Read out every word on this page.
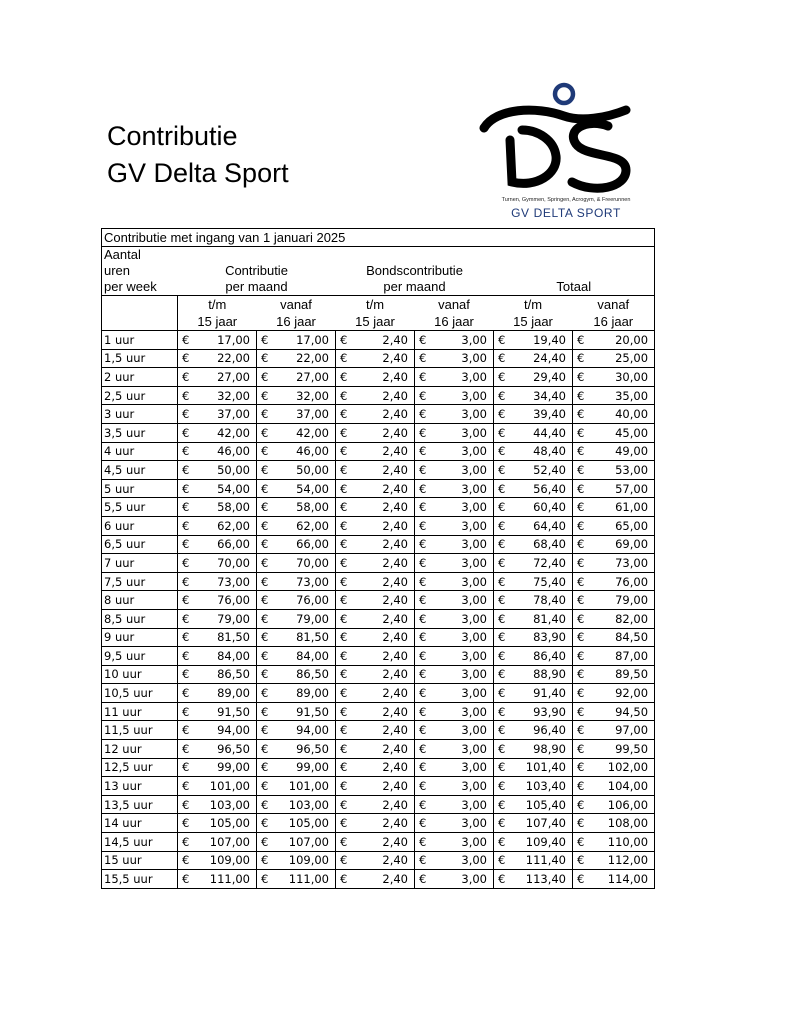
Contributie
GV Delta Sport
Turnen, Gymmen, Springen, Acrogym, & Freerunnen
GV DELTA SPORT
Contributie met ingang van 1 januari 2025												
Aantal												
uren	Contributie				Bondscontributie							
per week	per maand				per maand				Totaal			
	t/m		vanaf		t/m		vanaf		t/m		vanaf	
	15 jaar		16 jaar		15 jaar		16 jaar		15 jaar		16 jaar	
1 uur	€	17,00	€	17,00	€	2,40	€	3,00	€	19,40	€	20,00
1,5 uur	€	22,00	€	22,00	€	2,40	€	3,00	€	24,40	€	25,00
2 uur	€	27,00	€	27,00	€	2,40	€	3,00	€	29,40	€	30,00
2,5 uur	€	32,00	€	32,00	€	2,40	€	3,00	€	34,40	€	35,00
3 uur	€	37,00	€	37,00	€	2,40	€	3,00	€	39,40	€	40,00
3,5 uur	€	42,00	€	42,00	€	2,40	€	3,00	€	44,40	€	45,00
4 uur	€	46,00	€	46,00	€	2,40	€	3,00	€	48,40	€	49,00
4,5 uur	€	50,00	€	50,00	€	2,40	€	3,00	€	52,40	€	53,00
5 uur	€	54,00	€	54,00	€	2,40	€	3,00	€	56,40	€	57,00
5,5 uur	€	58,00	€	58,00	€	2,40	€	3,00	€	60,40	€	61,00
6 uur	€	62,00	€	62,00	€	2,40	€	3,00	€	64,40	€	65,00
6,5 uur	€	66,00	€	66,00	€	2,40	€	3,00	€	68,40	€	69,00
7 uur	€	70,00	€	70,00	€	2,40	€	3,00	€	72,40	€	73,00
7,5 uur	€	73,00	€	73,00	€	2,40	€	3,00	€	75,40	€	76,00
8 uur	€	76,00	€	76,00	€	2,40	€	3,00	€	78,40	€	79,00
8,5 uur	€	79,00	€	79,00	€	2,40	€	3,00	€	81,40	€	82,00
9 uur	€	81,50	€	81,50	€	2,40	€	3,00	€	83,90	€	84,50
9,5 uur	€	84,00	€	84,00	€	2,40	€	3,00	€	86,40	€	87,00
10 uur	€	86,50	€	86,50	€	2,40	€	3,00	€	88,90	€	89,50
10,5 uur	€	89,00	€	89,00	€	2,40	€	3,00	€	91,40	€	92,00
11 uur	€	91,50	€	91,50	€	2,40	€	3,00	€	93,90	€	94,50
11,5 uur	€	94,00	€	94,00	€	2,40	€	3,00	€	96,40	€	97,00
12 uur	€	96,50	€	96,50	€	2,40	€	3,00	€	98,90	€	99,50
12,5 uur	€	99,00	€	99,00	€	2,40	€	3,00	€	101,40	€	102,00
13 uur	€	101,00	€	101,00	€	2,40	€	3,00	€	103,40	€	104,00
13,5 uur	€	103,00	€	103,00	€	2,40	€	3,00	€	105,40	€	106,00
14 uur	€	105,00	€	105,00	€	2,40	€	3,00	€	107,40	€	108,00
14,5 uur	€	107,00	€	107,00	€	2,40	€	3,00	€	109,40	€	110,00
15 uur	€	109,00	€	109,00	€	2,40	€	3,00	€	111,40	€	112,00
15,5 uur	€	111,00	€	111,00	€	2,40	€	3,00	€	113,40	€	114,00
